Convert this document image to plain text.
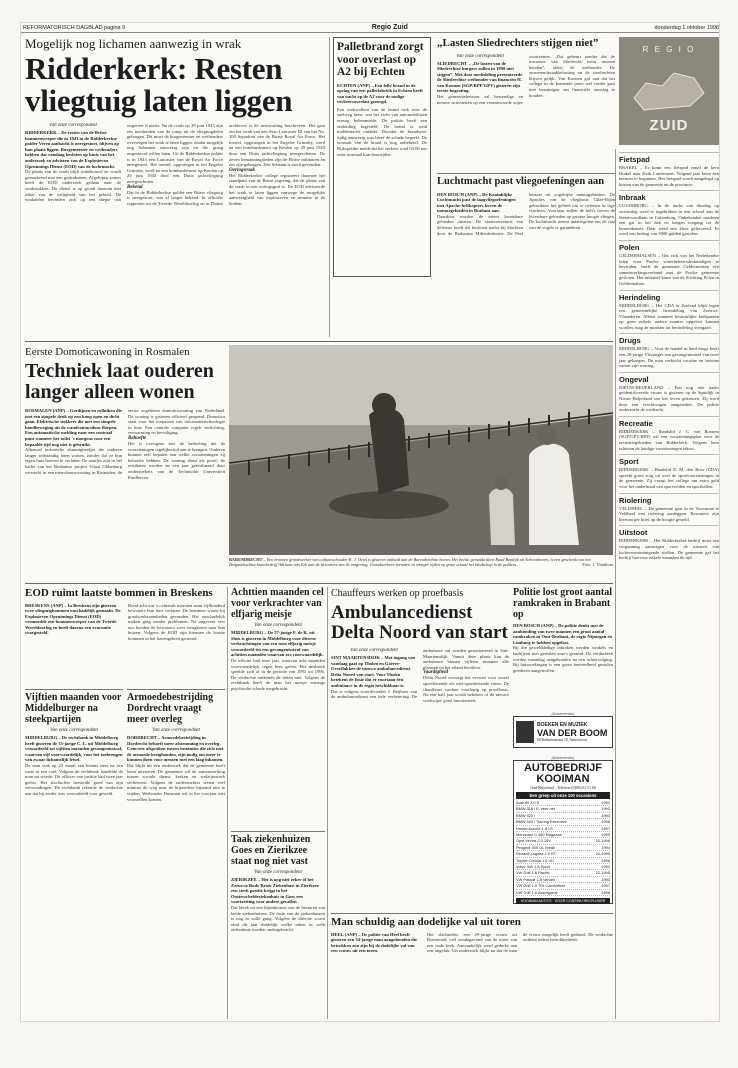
REFORMATORISCH DAGBLAD pagina 9	Regio Zuid	donderdag 1 oktober 1998
Mogelijk nog lichamen aanwezig in wrak
Ridderkerk: Resten vliegtuig laten liggen
Van onze correspondent

RIDDERKERK – De resten van de Britse bommenwerper die in 1943 in de Ridderkerkse polder Veren aanbacht is neergestort, blijven op hun plaats liggen. Burgemeester en wethouders hebben dat vandaag besloten op basis van het onderzoek en adviezen van de Explosieven Opruimings Dienst (EOD) van de luchtmacht.

De plaats van de crash blijft onbebouwd en wordt gemarkeerd met een gedenksteen. Afgelopen zomer heeft de EOD onderzoek gedaan naar de wrakstukken. De dienst is op grond daarvan niet zeker van de veiligheid van het gebied. De wrakdelen bevinden zich op een diepte van ongeveer 6 meter. Na de crash op 29 juni 1943 zijn zes inzittenden van de romp uit de vliegtuigdelen geborgen. Dit moet de burgemeester en wethouders overwegen het wrak te laten liggen, omdat mogelijk nog lichamen aanwezig zijn en die graag ongestoord willen laten. Uit de Ridderkerkse polder is in 1943 een Lancaster van de Royal Air Force neergestort. Het toestel, opgestegen in het Engelse Grimsby, werd na een bombardement op Keulen op 29 juni 1943 door een Duits jachtvliegtuig neergeschoten.

Bekend

Dat in de Ridderkerkse polder een Britse vliegtuig is neergestort, was al langer bekend. In officiële rapporten uit de Tweede Wereldoorlog en in Duitse archieven is de neerstorting beschreven. Het gaat om het wrak van een Avro Lancaster III van het No. 100 Squadron van de Britse Royal Air Force. Het toestel, opgestegen in het Engelse Grimsby, werd na een bombardement op Keulen op 29 juni 1943 door een Duits jachtvliegtuig neergeschoten. De zeven bemanningsleden zijn de Britse militairen en zes zijn geborgen. Eén lichaam is nooit gevonden.

Oorlogsraak

Het Ridderkerkse college registreert daarmee het standpunt van de Britse regering, dat de plaats van de crash in een oorlogsgraf is. De EOD adviseerde het wrak te laten liggen vanwege de mogelijke aanwezigheid van explosieven en munitie in de bodem.

Palletbrand zorgt voor overlast op A2 bij Echten

ECHTEN (ANP) – Een felle brand in de opslag van een palletfabriek in Echten heeft van nacht op de A2 voor de nodige verkeersoverlast gezorgd.

Een rookwolken van de brand trok over de snelweg heen, wat het zicht van automobilisten ernstig belemmerde. De politie heeft een omleiding ingesteld. De brand is rond middernacht ontdekt. Doordat de brandweer tijdig aanwezig was bleef de schade beperkt. De oorzaak van de brand is nog onbekend. De Rijkspolitie meldt dat het verkeer rond 03.00 uur weer normaal kon doorrijden.

„Lasten Sliedrechters stijgen niet”
Van onze correspondent

SLIEDRECHT – „De lasten van de Sliedrechtse burgers zullen in 1999 niet stijgen”. Met deze mededeling presenteerde de Sliedrechtse wethouder van financiën H. van Koonen (SGP/RPF/GPV) gisteren zijn eerste begroting.

Het gemeentebestuur zal bestendige en nieuwe activiteiten op een verantwoorde wijze voortzetten. „Dat gebeurt zonder dat de inwoners van Sliedrecht extra moeten betalen”, aldus de wethouder. De onroerendezaakbelasting en de rioolrechten blijven gelijk. Van Koonen gaf aan dat het college in de komende jaren wel verder gaat met bezuinigen om financiële armslag te houden.

Luchtmacht past vliegoefeningen aan

DEN BOSCH (ANP) – De Koninklijke Luchtmacht past de laagvliegoefeningen met Apache-helikopters boven de natuurgebieden in Brabant aan.

Daardoor worden de meest kwetsbare gebieden ontzien. De staatssecretaris van defensie heeft dit besloten nadat bij klachten door de Brabantse Milieufederatie. De Peel bestaat uit vogelrijke natuurgebieden. De Apaches van de vliegbasis Gilze-Rijen gebruikten het gebied om te oefenen in lage vluchten. Voortaan zullen de heli's boven de kwetsbare gebieden op grotere hoogte vliegen. De luchtmacht neemt maatregelen om de rust van de vogels te garanderen.

R E G I O
ZUID
Fietspad

BRAKEL – Er komt een fietspad vanaf de kern Brakel naar Kerk Landenaert. Volgend jaar komt een bermen te beginnen. Het fietspad wordt aangelegd op kosten van de gemeente en de provincie.

Inbraak

CULEMBORG – In de nacht van dinsdag op woensdag werd er ingebroken in een school aan de Steenvoordlaan in Culemborg. Onbekenden maakten een gat in het dak en kregen toegang tot de lerarenkamer. Daar werd een kluis geforceerd. Er werd een bedrag van 3000 gulden gestolen.

Polen

GELDERMALSEN – Om zich van het Nederlandse falen voor Poolse waterbeheersdeskundigen te bevrijden, heeft de gemeente Geldermalsen een samenwerkingsverband met de Poolse gemeente gesloten. Het initiatief komt van de Stichting Polen in Geldermalsen.

Herindeling

MIDDELBURG – Het CDA in Zeeland blijft tegen een gemeentelijke herindeling van Zeeuws-Vlaanderen. Alleen wanneer bestuurlijke knelpunten op geen enkele andere manier opgelost kunnen worden, mag de minister tot herindeling overgaan.

Drugs

MIDDELBURG – Voor de handel in hard drugs heeft een 28-jarige Vlissinger een gevangenisstraf van twee jaar gekregen. De man verkocht cocaïne en heroïne vanuit zijn woning.

Ongeval

NIEUW-BEIJERLAND – Een nog niet nader geïdentificeerde vrouw is gisteren op de Spuidijk in Nieuw-Beijerland om het leven gekomen. Zij werd door een vrachtwagen aangereden. De politie onderzoekt de toedracht.

Recreatie

RIDDERKERK – Raadslid J. C. van Rossem (SGP/GPV/RPF) wil een voorzieningsplan voor de recreatiegebieden van Ridderkerk. Volgens hem schieten de huidige voorzieningen tekort.

Sport

RIDDERKERK – Raadslid E. M. den Boer (CDA) spreekt grote zorg uit over de sportvoorzieningen in de gemeente. Zij vraagt het college om extra geld voor het onderhoud van sportvelden en sporthallen.

Riolering

VELDHEEL – De gemeente gaat in de Voorstraat te Veldheel een riolering aanleggen. Bewoners zijn hiervan per brief op de hoogte gesteld.

Uitstoot

RIDDERKERK – Het Ridderkerkse bedrijf moet een vergunning aanvragen voor de uitstoot van luchtverontreinigende stoffen. De gemeente gaf het bedrijf hiervoor enkele maanden de tijd.

Eerste Domoticawoning in Rosmalen
Techniek laat ouderen langer alleen wonen

ROSMALEN (ANP) – Gordijnen en rolluiken die met een simpele druk op een knop open en dicht gaan. Elektrische stekkers die met een simpele handbeweging uit de wandcontactdoos floepen. Een automatische melding naar een centraal punt wanneer het toilet 's morgens voor een bepaalde tijd nog niet is gebruikt.

Allemaal technische slimmigheidjes die ouderen langer zelfstandig laten wonen, zonder dat ze hun eigen huis hoeven te verlaten. De snufjes zijn in het kader van het Brabantse project Vitaal Oldenburg verwerkt in een nieuwbouwwoning in Rosmalen, de eerste zogeheten domoticawoning van Nederland. De woning is gisteren officieel geopend. Domotica staat voor het toepassen van informatietechnologie in huis. Een centrale computer regelt verlichting, verwarming en beveiliging.

Behoefte

Het is overigens niet de bedoeling dat de voorzieningen tegelijkertijd aan te brengen. Ouderen kunnen zelf bepalen aan welke voorzieningen zij behoefte hebben. De woning dient als proef; de resultaten worden na een jaar geëvalueerd door onderzoekers van de Technische Universiteit Eindhoven.

BARENDRECHT – Een bronzen grondwerker van cultuurschouder K. J. Oriel is gisteren onthuld aan de Barendrechtse haven. Het beeld, gemaakt door Ruud Bendijk uit Schoonhoven, is een geschenk van het Bergambachtse bouwbedrijf Adriaan van Erk aan de bewoners van de omgeving. Grondwerkers vormden in vroeger tijden op grote schaal het landschap in de polders.	Foto: J. Vlasblom
EOD ruimt laatste bommen in Breskens

BRESKENS (ANP) – In Breskens zijn gisteren twee vliegtuigbommen onschadelijk gemaakt. De Explosieven Opruimings Dienst (EOD) vermoedde een bommenwerper van de Tweede Wereldoorlog en heeft daarna een evacuatie voorgesteld.

Rond acht uur 's ochtends moesten ruim vijfhonderd bewoners hun huis verlaten. De bommen waren bij graafwerkzaamheden gevonden. Het onschadelijk maken ging zonder problemen. Na ongeveer vier uur konden de bewoners weer terugkeren naar hun huizen. Volgens de EOD zijn hiermee de laatste bommen in het havengebied geruimd.

Vijftien maanden voor Middelburger na steekpartijen
Van onze correspondent

MIDDELBURG – De rechtbank in Middelburg heeft gisteren de 33-jarige C. L. uit Middelburg veroordeeld tot vijftien maanden gevangenisstraf, waarvan vijf voorwaardelijk, voor het toebrengen van zwaar lichamelijk letsel.

De man stak op 23 maart een kennis neer na een ruzie in een café. Volgens de rechtbank handelde de man uit woede. De officier van justitie had twee jaar geëist. Het slachtoffer herstelde goed van zijn verwondingen. De rechtbank rekende de verdachte aan dat hij eerder was veroordeeld voor geweld.

Armoedebestrijding Dordrecht vraagt meer overleg
Van onze correspondent

DORDRECHT – Armoedebestrijding in Dordrecht behoeft meer afstemming en overleg. Concrete afspraken tussen instanties die zich met de armoede bezighouden, zijn nodig om meer te kunnen doen voor mensen met een laag inkomen.

Dat blijkt uit een onderzoek dat de gemeente heeft laten uitvoeren. De gemeente wil de samenwerking tussen sociale dienst, kerken en welzijnswerk verbeteren. Volgens de onderzoekers weten veel minima de weg naar de bijzondere bijstand niet te vinden. Wethouder Huisman wil in het voorjaar met voorstellen komen.

Achttien maanden cel voor verkrachter van elfjarig meisje
Van onze correspondent

MIDDELBURG – De 57-jarige F. de K. uit Sluis is gisteren in Middelburg voor diverse verkrachtingen van een toen elfjarig meisje veroordeeld tot een gevangenisstraf van achttien maanden waarvan zes voorwaardelijk.

De officier had twee jaar, waarvan acht maanden voorwaardelijk, tegen hem geëist. Het misbruik speelde zich af in de periode van 1993 tot 1996. De verdachte ontkende de feiten niet. Volgens de rechtbank heeft de man het meisje ernstige psychische schade toegebracht.

Taak ziekenhuizen Goes en Zierikzee staat nog niet vast
Van onze correspondent

ZIERIKZEE – Het is nog niet zeker of het Zeeuwse Rode Kruis Ziekenhuis in Zierikzee een sterk positie krijgt in het Oosterscheldeziekenhuis in Goes een voortzetting voor andere gevallen.

Dat bleek uit een bijeenkomst van de besturen van beide ziekenhuizen. De fusie van de ziekenhuizen is nog in volle gang. Volgens de directie wordt eind dit jaar duidelijk welke taken in welk ziekenhuis worden ondergebracht.

Chauffeurs werken op proefbasis
Ambulancedienst Delta Noord van start
Van onze correspondent

SINT MAARTENSDIJK – Met ingang van vandaag gaat op Tholen en Goeree-Overflakkee de nieuwe ambulancedienst Delta Noord van start. Voor Tholen betekent de fusie dat er voortaan één ambulance in de regio beschikbaar is.

Dat is volgens woordvoerder J. Heijboer van de ambulancedienst een hele verbetering. De ambulance zal worden gestationeerd in Sint-Maartensdijk. Vanuit deze plaats kan de ambulance binnen vijftien minuten alle plaatsen op het eiland bereiken.

Vaardigheid

Delta Noord verzorgt het vervoer voor zowel spoedeisende als niet-spoedeisende ritten. De chauffeurs werken voorlopig op proefbasis. Na een half jaar wordt bekeken of de nieuwe werkwijze goed functioneert.

Man schuldig aan dodelijke val uit toren

HEEL (ANP) – De politie van Heel heeft gisteren een 34-jarige man aangehouden die betrokken zou zijn bij de dodelijke val van een vrouw uit een toren.

Het slachtoffer, een 29-jarige vrouw uit Roermond, viel zondagavond van de toren van een oude kerk. Aanvankelijk werd gedacht aan een ongeluk. Uit onderzoek blijkt nu dat de man de vrouw mogelijk heeft geduwd. De verdachte ontkent iedere betrokkenheid.

Politie lost groot aantal ramkraken in Brabant op

DEN BOSCH (ANP) – De politie denkt met de aanhouding van twee mannen een groot aantal ramkraken in Oost-Brabant, de regio Nijmegen en Limburg te hebben opgelost.

Bij die gewelddadige inbraken werden winkels en bedrijven met gestolen auto's geramd. De verdachten werden maandag aangehouden na een achtervolging. Bij huiszoekingen is een grote hoeveelheid gestolen goederen aangetroffen.

(Advertentie)
BOEKEN EN MUZIEK
VAN DER BOOM
Wilhelminastraat 10, Amersfoort
(Advertentie)
AUTOBEDRIJF KOOIMAN
Oud-Beijerland · Telefoon (0186) 61 51 66
Een greep uit onze 100 occasions
Audi 80 2.0 E	1994
BMW 316 i E, zeer net	1992
BMW 520 i	1993
BMW 520 i Touring Executive	1996
Honda Accord 1.8 LS	1997
Mercedes C 180 Elegance	1995
Opel Vectra 2.0 16V	10-1996
Peugeot 405 GL break	1994
Renault Laguna 2.0 RT	12-1995
Toyota Corolla 1.6 XLi	1996
Volvo 440 1.8 Sport	1994
VW Golf 1.6 Pacific	12-1995
VW Passat 1.8 Variant	1993
VW Golf 1.9 TDI Comfortline	1997
VW Golf 1.8 Avantgarde	1998
KOOIMAN AUTO'S · VOOR CONTINU HELPLIJKER
